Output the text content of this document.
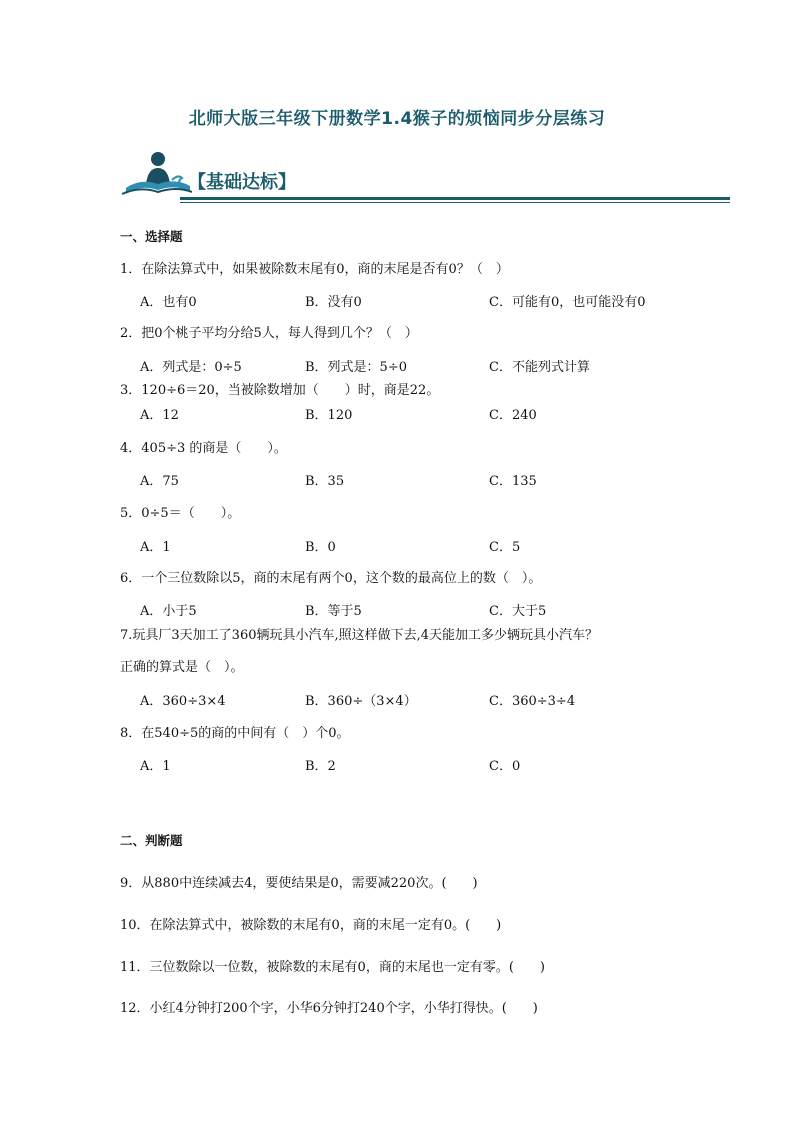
北师大版三年级下册数学1.4猴子的烦恼同步分层练习
【基础达标】
一、选择题
1．在除法算式中，如果被除数末尾有0，商的末尾是否有0？（　）
A．也有0	B．没有0	C．可能有0，也可能没有0
2．把0个桃子平均分给5人，每人得到几个？（　）
A．列式是：0÷5	B．列式是：5÷0	C．不能列式计算
3．120÷6＝20，当被除数增加（　　）时，商是22。
A．12	B．120	C．240
4．405÷3 的商是（　　）。
A．75	B．35	C．135
5．0÷5＝（　　）。
A．1	B．0	C．5
6．一个三位数除以5，商的末尾有两个0，这个数的最高位上的数（　）。
A．小于5	B．等于5	C．大于5
7.玩具厂3天加工了360辆玩具小汽车,照这样做下去,4天能加工多少辆玩具小汽车？
正确的算式是（　）。
A．360÷3×4	B．360÷（3×4）	C．360÷3÷4
8．在540÷5的商的中间有（　）个0。
A．1	B．2	C．0
二、判断题
9．从880中连续减去4，要使结果是0，需要减220次。(　　)
10．在除法算式中，被除数的末尾有0，商的末尾一定有0。(　　)
11．三位数除以一位数，被除数的末尾有0，商的末尾也一定有零。(　　)
12．小红4分钟打200个字，小华6分钟打240个字，小华打得快。(　　)
